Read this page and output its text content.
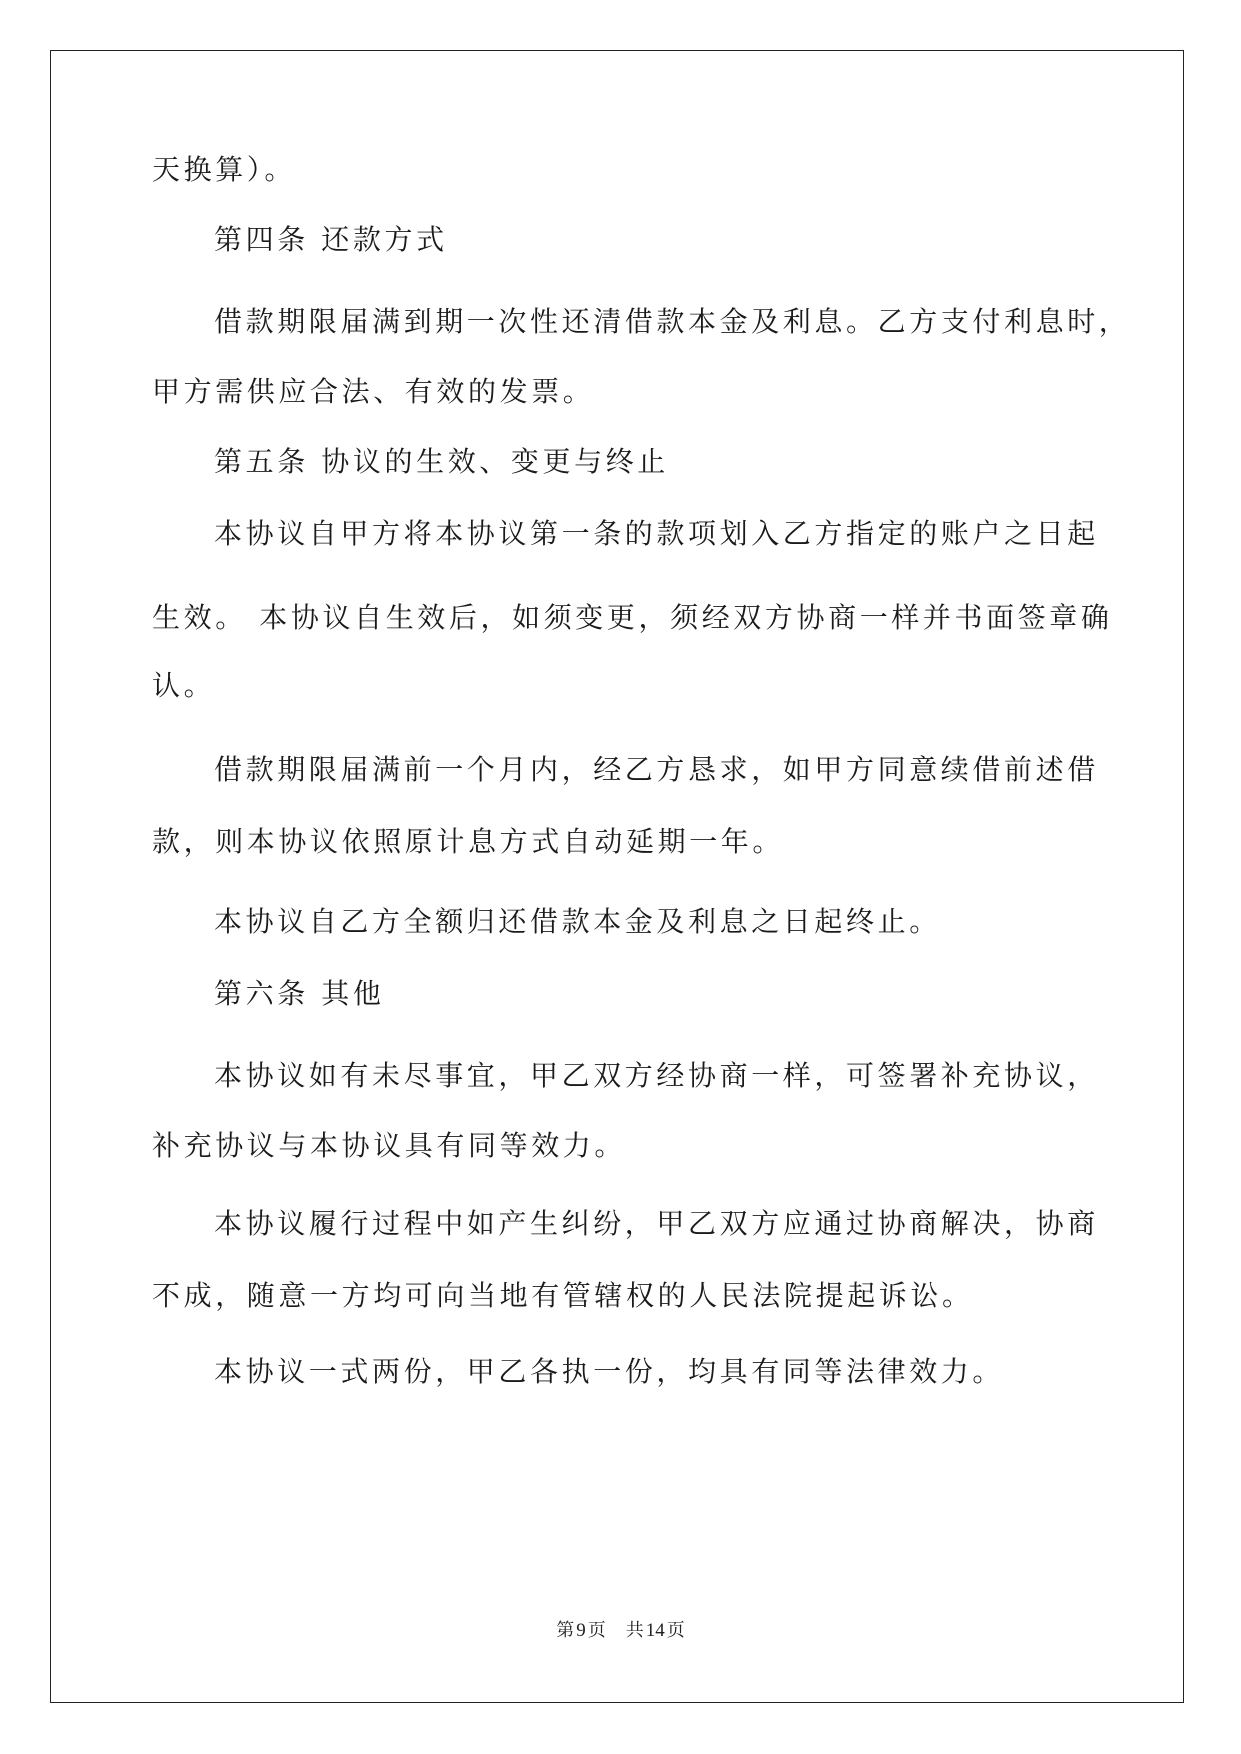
天换算）。
第四条 还款方式
借款期限届满到期一次性还清借款本金及利息。乙方支付利息时，
甲方需供应合法、有效的发票。
第五条 协议的生效、变更与终止
本协议自甲方将本协议第一条的款项划入乙方指定的账户之日起
生效。 本协议自生效后，如须变更，须经双方协商一样并书面签章确
认。
借款期限届满前一个月内，经乙方恳求，如甲方同意续借前述借
款，则本协议依照原计息方式自动延期一年。
本协议自乙方全额归还借款本金及利息之日起终止。
第六条 其他
本协议如有未尽事宜，甲乙双方经协商一样，可签署补充协议，
补充协议与本协议具有同等效力。
本协议履行过程中如产生纠纷，甲乙双方应通过协商解决，协商
不成，随意一方均可向当地有管辖权的人民法院提起诉讼。
本协议一式两份，甲乙各执一份，均具有同等法律效力。
第 9 页 共 14 页
